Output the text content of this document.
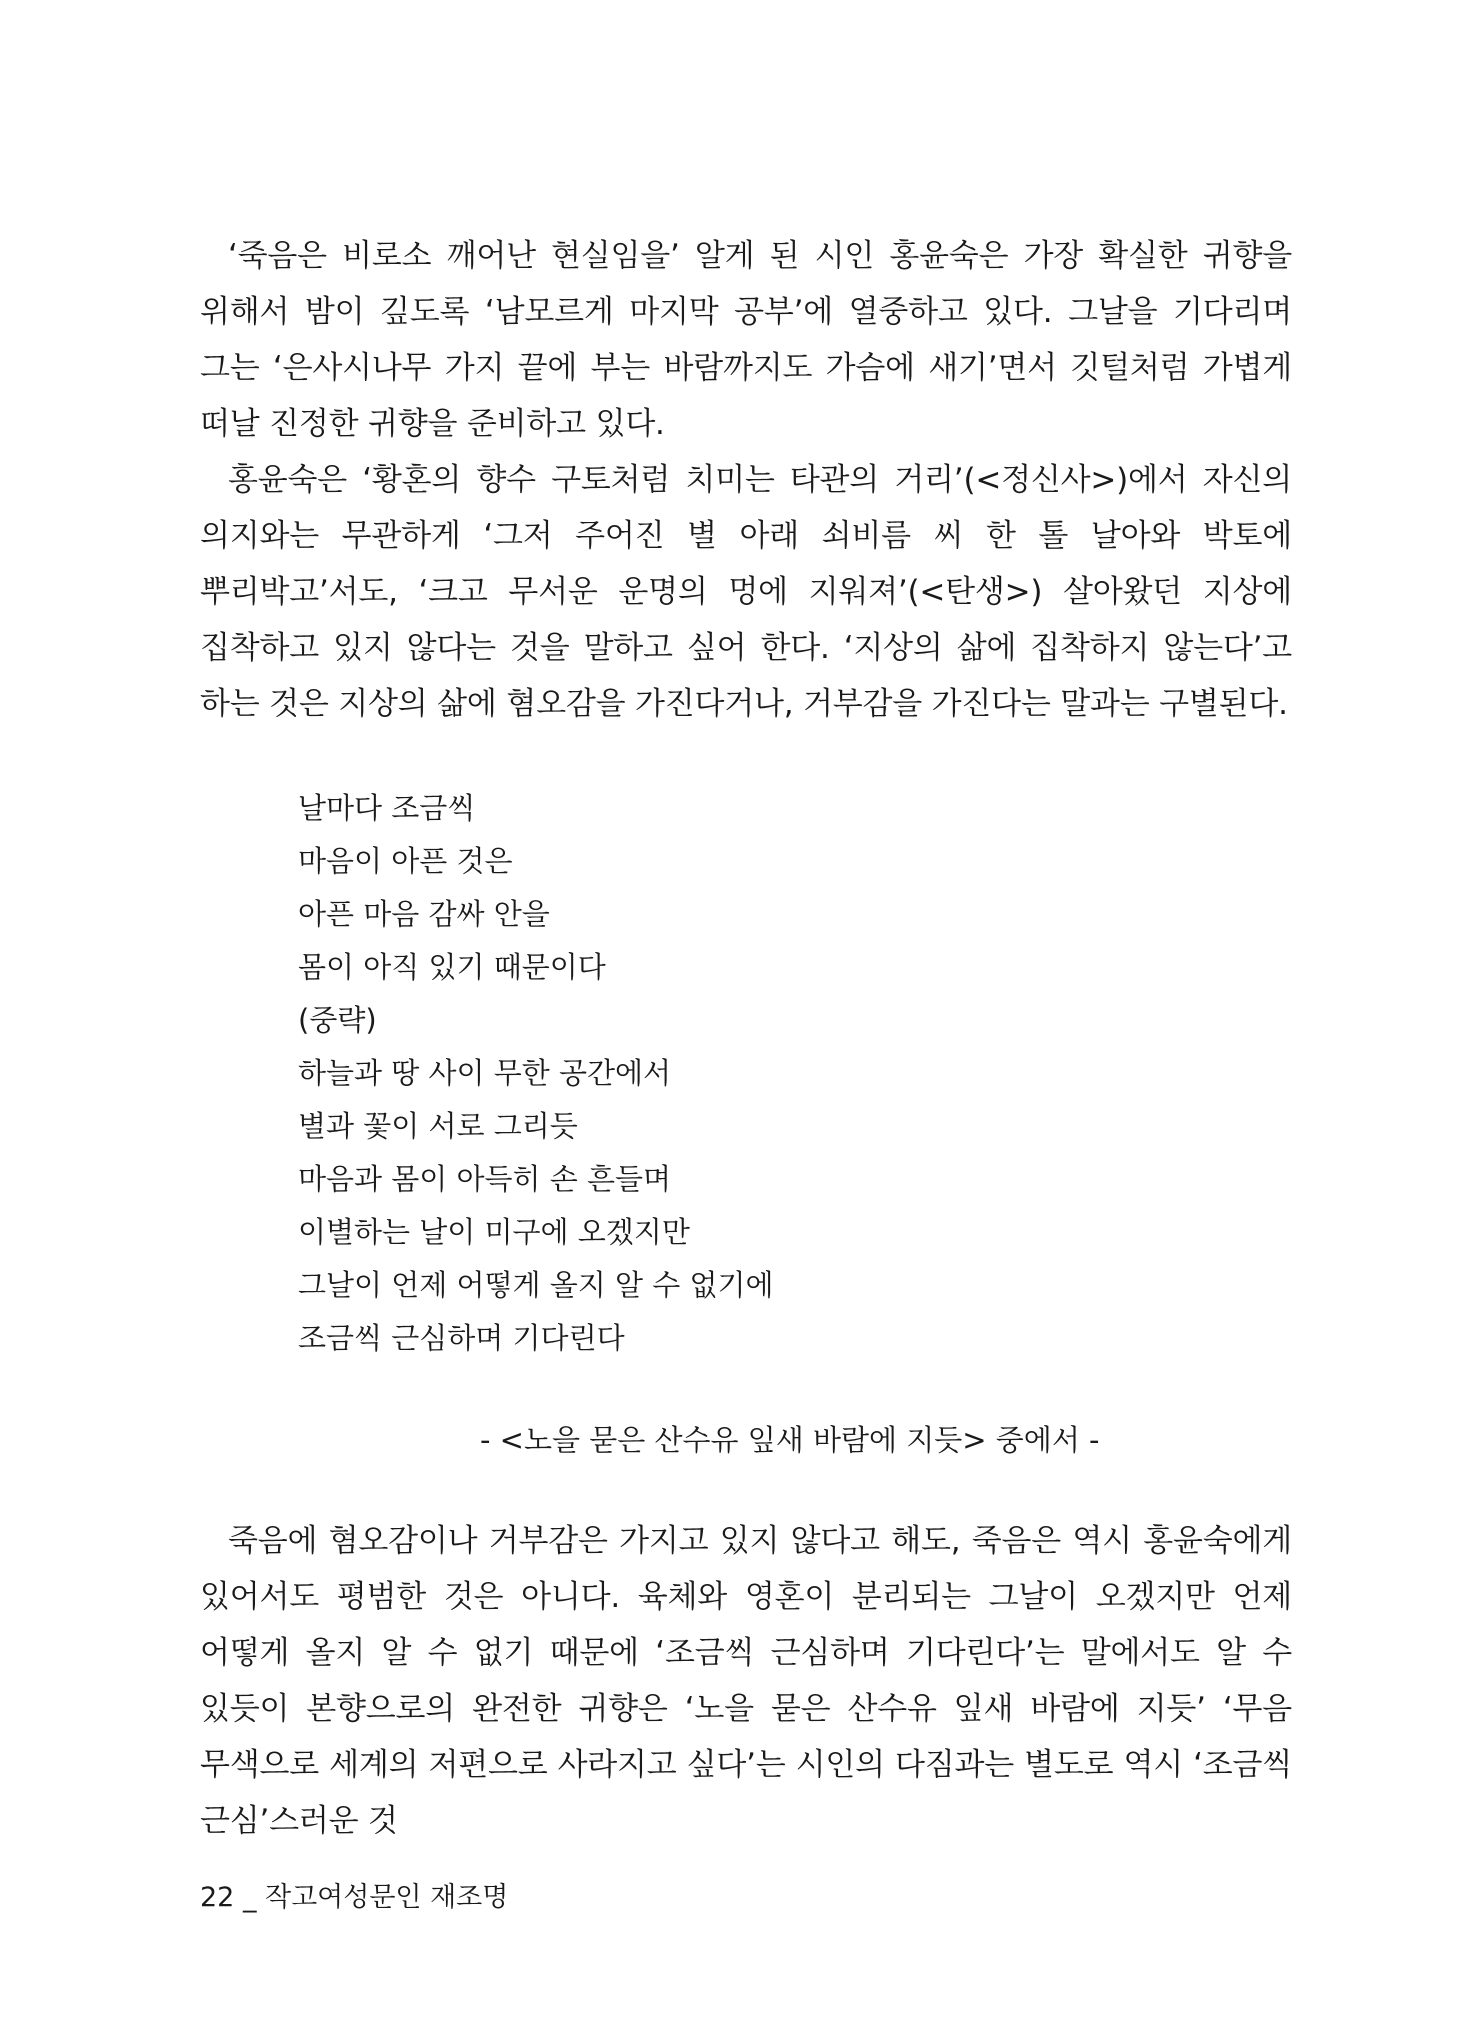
‘죽음은 비로소 깨어난 현실임을’ 알게 된 시인 홍윤숙은 가장 확실한 귀향을 위해서 밤이 깊도록 ‘남모르게 마지막 공부’에 열중하고 있다. 그날을 기다리며 그는 ‘은사시나무 가지 끝에 부는 바람까지도 가슴에 새기’면서 깃털처럼 가볍게 떠날 진정한 귀향을 준비하고 있다.

홍윤숙은 ‘황혼의 향수 구토처럼 치미는 타관의 거리’(<정신사>)에서 자신의 의지와는 무관하게 ‘그저 주어진 별 아래 쇠비름 씨 한 톨 날아와 박토에 뿌리박고’서도, ‘크고 무서운 운명의 멍에 지워져’(<탄생>) 살아왔던 지상에 집착하고 있지 않다는 것을 말하고 싶어 한다. ‘지상의 삶에 집착하지 않는다’고 하는 것은 지상의 삶에 혐오감을 가진다거나, 거부감을 가진다는 말과는 구별된다.

날마다 조금씩
마음이 아픈 것은
아픈 마음 감싸 안을
몸이 아직 있기 때문이다
(중략)
하늘과 땅 사이 무한 공간에서
별과 꽃이 서로 그리듯
마음과 몸이 아득히 손 흔들며
이별하는 날이 미구에 오겠지만
그날이 언제 어떻게 올지 알 수 없기에
조금씩 근심하며 기다린다
- <노을 묻은 산수유 잎새 바람에 지듯> 중에서 -

죽음에 혐오감이나 거부감은 가지고 있지 않다고 해도, 죽음은 역시 홍윤숙에게 있어서도 평범한 것은 아니다. 육체와 영혼이 분리되는 그날이 오겠지만 언제 어떻게 올지 알 수 없기 때문에 ‘조금씩 근심하며 기다린다’는 말에서도 알 수 있듯이 본향으로의 완전한 귀향은 ‘노을 묻은 산수유 잎새 바람에 지듯’ ‘무음 무색으로 세계의 저편으로 사라지고 싶다’는 시인의 다짐과는 별도로 역시 ‘조금씩 근심’스러운 것

22 _ 작고여성문인 재조명
